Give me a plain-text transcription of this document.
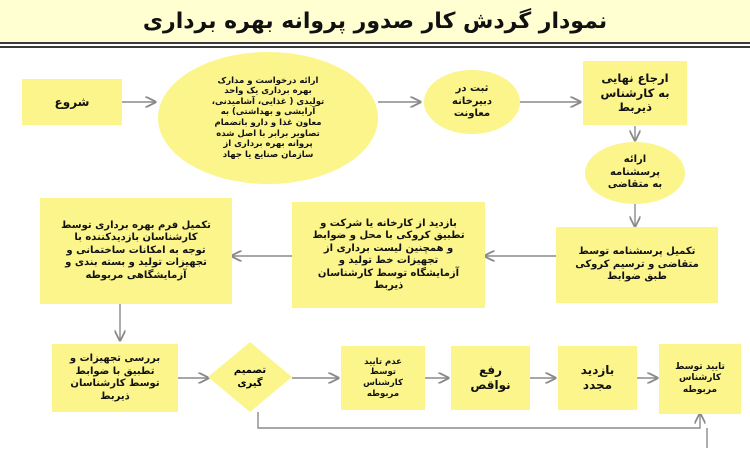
نمودار گردش کار صدور پروانه بهره برداری
شروع
ارائه درخواست و مدارک
بهره برداری یک واحد
تولیدی ( غذایی، آشامیدنی،
آرایشی و بهداشتی) به
معاون غذا و دارو باتضمام
تصاویر برابر با اصل شده
پروانه بهره برداری از
سازمان صنایع یا جهاد
ثبت در
دبیرخانه
معاونت
ارجاع نهایی
به کارشناس
ذیربط
ارائه
پرسشنامه
به متقاضی
تکمیل پرسشنامه توسط
متقاضی و ترسیم کروکی
طبق ضوابط
بازدید از کارخانه یا شرکت و
تطبیق کروکی با محل و ضوابط
و همچنین لیست برداری از
تجهیزات خط تولید و
آزمایشگاه توسط کارشناسان
ذیربط
تکمیل فرم بهره برداری توسط
کارشناسان بازدیدکننده با
توجه به امکانات ساختمانی و
تجهیزات تولید و بسته بندی و
آزمایشگاهی مربوطه
بررسی تجهیزات و
تطبیق با ضوابط
توسط کارشناسان
ذیربط
تصمیم
گیری
عدم تایید
توسط
کارشناس
مربوطه
رفع
نواقص
بازدید
مجدد
تایید توسط
کارشناس
مربوطه
